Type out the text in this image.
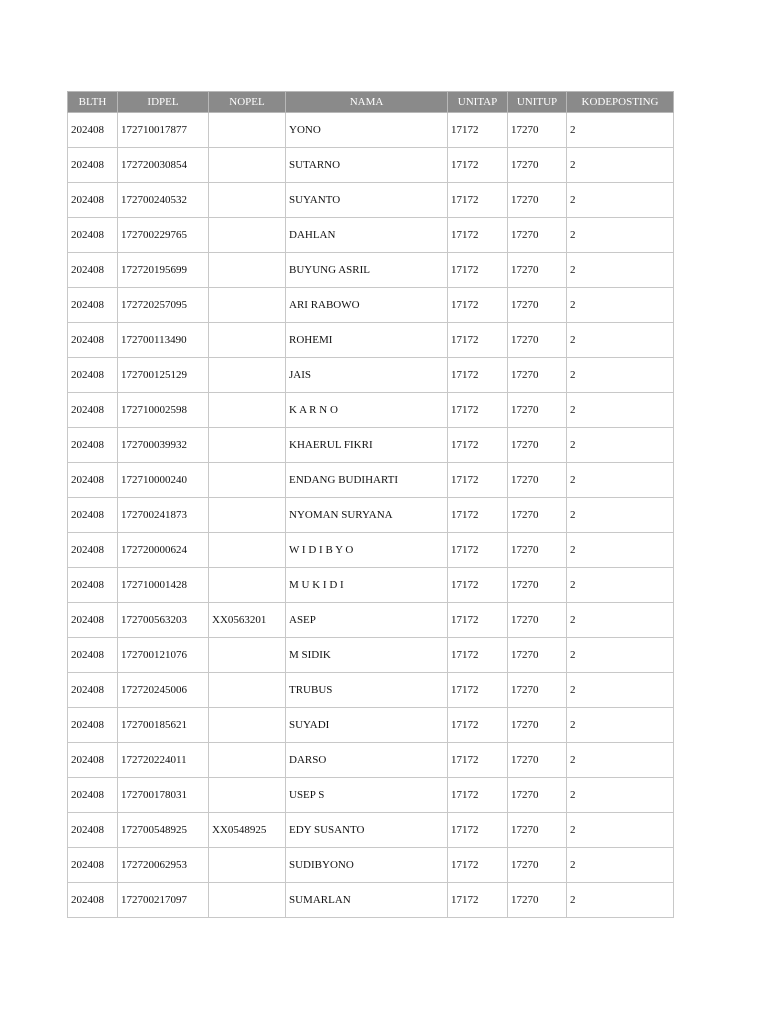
BLTH	IDPEL	NOPEL	NAMA	UNITAP	UNITUP	KODEPOSTING
202408	172710017877		YONO	17172	17270	2
202408	172720030854		SUTARNO	17172	17270	2
202408	172700240532		SUYANTO	17172	17270	2
202408	172700229765		DAHLAN	17172	17270	2
202408	172720195699		BUYUNG ASRIL	17172	17270	2
202408	172720257095		ARI RABOWO	17172	17270	2
202408	172700113490		ROHEMI	17172	17270	2
202408	172700125129		JAIS	17172	17270	2
202408	172710002598		K A R N O	17172	17270	2
202408	172700039932		KHAERUL FIKRI	17172	17270	2
202408	172710000240		ENDANG BUDIHARTI	17172	17270	2
202408	172700241873		NYOMAN SURYANA	17172	17270	2
202408	172720000624		W I D I B Y O	17172	17270	2
202408	172710001428		M U K I D I	17172	17270	2
202408	172700563203	XX0563201	ASEP	17172	17270	2
202408	172700121076		M SIDIK	17172	17270	2
202408	172720245006		TRUBUS	17172	17270	2
202408	172700185621		SUYADI	17172	17270	2
202408	172720224011		DARSO	17172	17270	2
202408	172700178031		USEP S	17172	17270	2
202408	172700548925	XX0548925	EDY SUSANTO	17172	17270	2
202408	172720062953		SUDIBYONO	17172	17270	2
202408	172700217097		SUMARLAN	17172	17270	2
